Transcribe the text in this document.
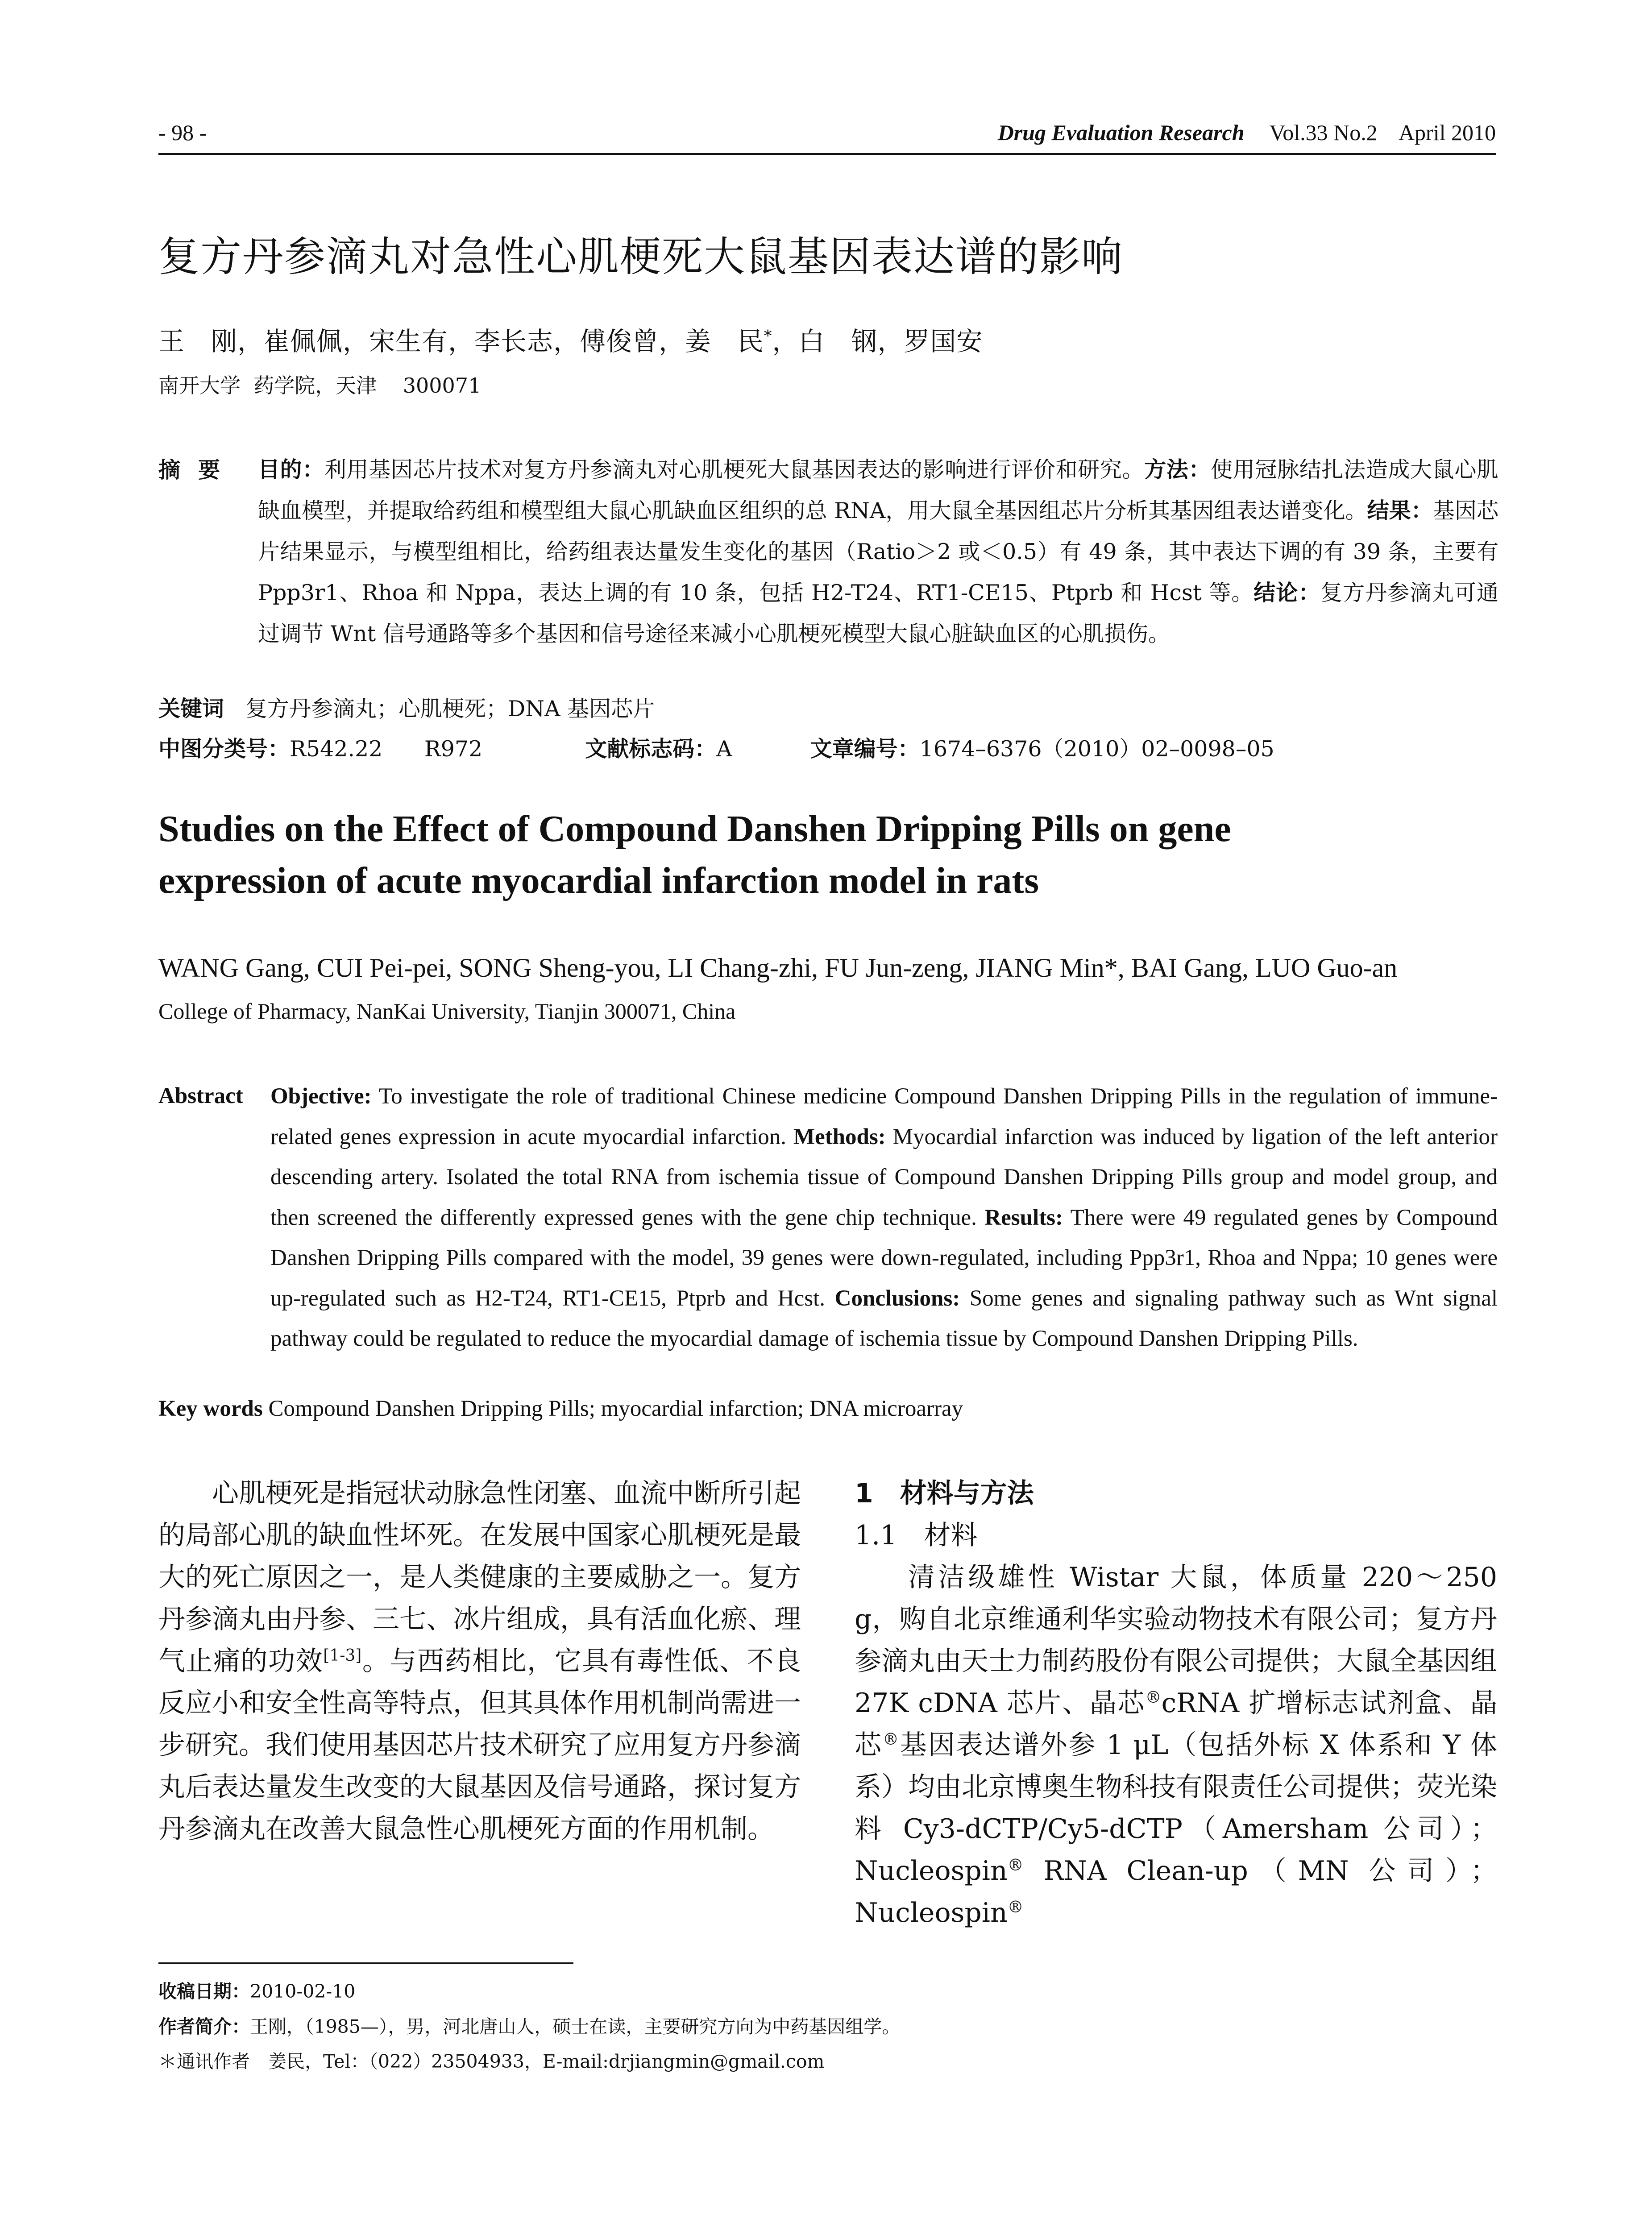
- 98 -	Drug Evaluation Research Vol.33 No.2    April 2010
复方丹参滴丸对急性心肌梗死大鼠基因表达谱的影响
王　刚，崔佩佩，宋生有，李长志，傅俊曾，姜　民*，白　钢，罗国安
南开大学  药学院，天津    300071
摘要 目的：利用基因芯片技术对复方丹参滴丸对心肌梗死大鼠基因表达的影响进行评价和研究。方法：使用冠脉结扎法造成大鼠心肌缺血模型，并提取给药组和模型组大鼠心肌缺血区组织的总 RNA，用大鼠全基因组芯片分析其基因组表达谱变化。结果：基因芯片结果显示，与模型组相比，给药组表达量发生变化的基因（Ratio＞2 或＜0.5）有 49 条，其中表达下调的有 39 条，主要有 Ppp3r1、Rhoa 和 Nppa，表达上调的有 10 条，包括 H2-T24、RT1-CE15、Ptprb 和 Hcst 等。结论：复方丹参滴丸可通过调节 Wnt 信号通路等多个基因和信号途径来减小心肌梗死模型大鼠心脏缺血区的心肌损伤。
关键词 复方丹参滴丸；心肌梗死；DNA 基因芯片
中图分类号：R542.22      R972	文献标志码：A	文章编号：1674–6376（2010）02–0098–05
Studies on the Effect of Compound Danshen Dripping Pills on gene
expression of acute myocardial infarction model in rats
WANG Gang, CUI Pei-pei, SONG Sheng-you, LI Chang-zhi, FU Jun-zeng, JIANG Min*, BAI Gang, LUO Guo-an
College of Pharmacy, NanKai University, Tianjin 300071, China
Abstract Objective: To investigate the role of traditional Chinese medicine Compound Danshen Dripping Pills in the regulation of immune-related genes expression in acute myocardial infarction. Methods: Myocardial infarction was induced by ligation of the left anterior descending artery. Isolated the total RNA from ischemia tissue of Compound Danshen Dripping Pills group and model group, and then screened the differently expressed genes with the gene chip technique. Results: There were 49 regulated genes by Compound Danshen Dripping Pills compared with the model, 39 genes were down-regulated, including Ppp3r1, Rhoa and Nppa; 10 genes were up-regulated such as H2-T24, RT1-CE15, Ptprb and Hcst. Conclusions: Some genes and signaling pathway such as Wnt signal pathway could be regulated to reduce the myocardial damage of ischemia tissue by Compound Danshen Dripping Pills.
Key words Compound Danshen Dripping Pills; myocardial infarction; DNA microarray

心肌梗死是指冠状动脉急性闭塞、血流中断所引起的局部心肌的缺血性坏死。在发展中国家心肌梗死是最大的死亡原因之一，是人类健康的主要威胁之一。复方丹参滴丸由丹参、三七、冰片组成，具有活血化瘀、理气止痛的功效[1-3]。与西药相比，它具有毒性低、不良反应小和安全性高等特点，但其具体作用机制尚需进一步研究。我们使用基因芯片技术研究了应用复方丹参滴丸后表达量发生改变的大鼠基因及信号通路，探讨复方丹参滴丸在改善大鼠急性心肌梗死方面的作用机制。

1　材料与方法

1.1　材料

清洁级雄性 Wistar 大鼠，体质量 220～250 g，购自北京维通利华实验动物技术有限公司；复方丹参滴丸由天士力制药股份有限公司提供；大鼠全基因组 27K cDNA 芯片、晶芯®cRNA 扩增标志试剂盒、晶芯®基因表达谱外参 1 μL（包括外标 X 体系和 Y 体系）均由北京博奥生物科技有限责任公司提供；荧光染料 Cy3-dCTP/Cy5-dCTP（Amersham 公司）；Nucleospin® RNA Clean-up（MN 公司）；Nucleospin®

收稿日期：2010-02-10
作者简介：王刚，（1985—），男，河北唐山人，硕士在读，主要研究方向为中药基因组学。
＊通讯作者　姜民，Tel：（022）23504933，E-mail:drjiangmin@gmail.com
